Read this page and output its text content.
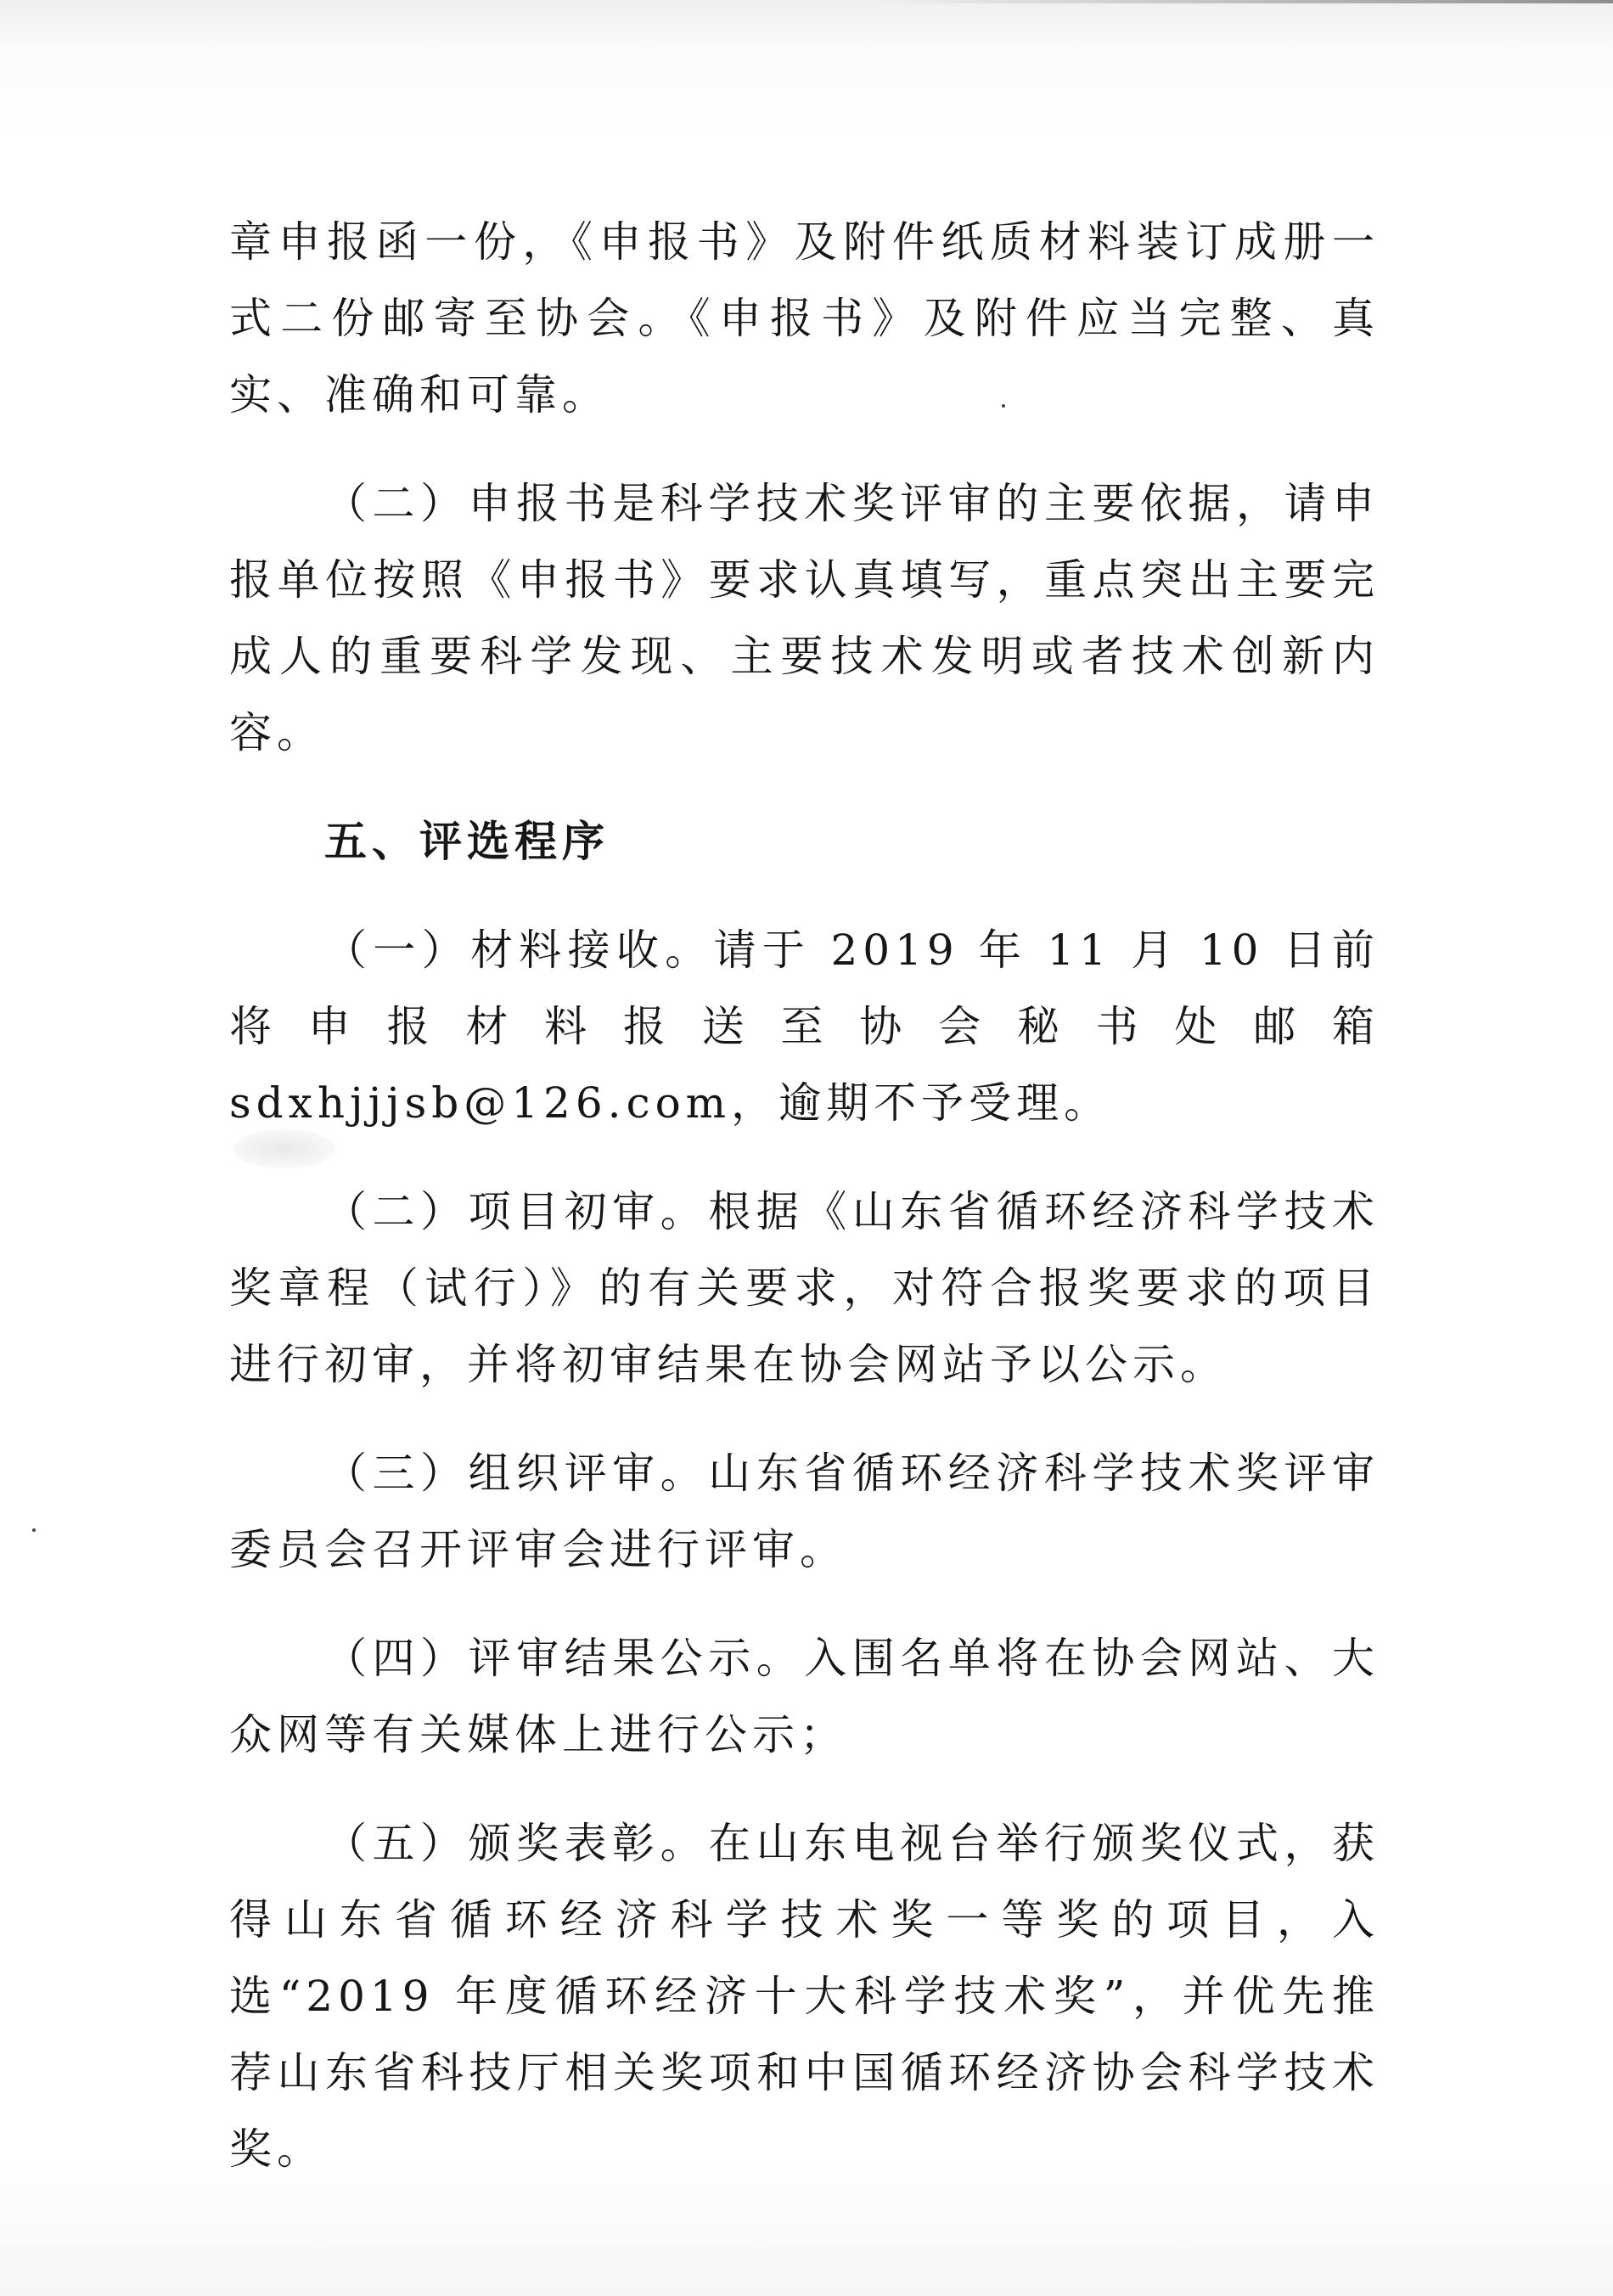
章申报函一份，《申报书》及附件纸质材料装订成册一式二份邮寄至协会。《申报书》及附件应当完整、真实、准确和可靠。

（二）申报书是科学技术奖评审的主要依据，请申报单位按照《申报书》要求认真填写，重点突出主要完成人的重要科学发现、主要技术发明或者技术创新内容。

五、评选程序

（一）材料接收。请于 2019 年 11 月 10 日前将申报材料报送至协会秘书处邮箱 sdxhjjjsb@126.com，逾期不予受理。

（二）项目初审。根据《山东省循环经济科学技术奖章程（试行）》的有关要求，对符合报奖要求的项目进行初审，并将初审结果在协会网站予以公示。

（三）组织评审。山东省循环经济科学技术奖评审委员会召开评审会进行评审。

（四）评审结果公示。入围名单将在协会网站、大众网等有关媒体上进行公示；

（五）颁奖表彰。在山东电视台举行颁奖仪式，获得山东省循环经济科学技术奖一等奖的项目，入选“2019 年度循环经济十大科学技术奖”，并优先推荐山东省科技厅相关奖项和中国循环经济协会科学技术奖。
